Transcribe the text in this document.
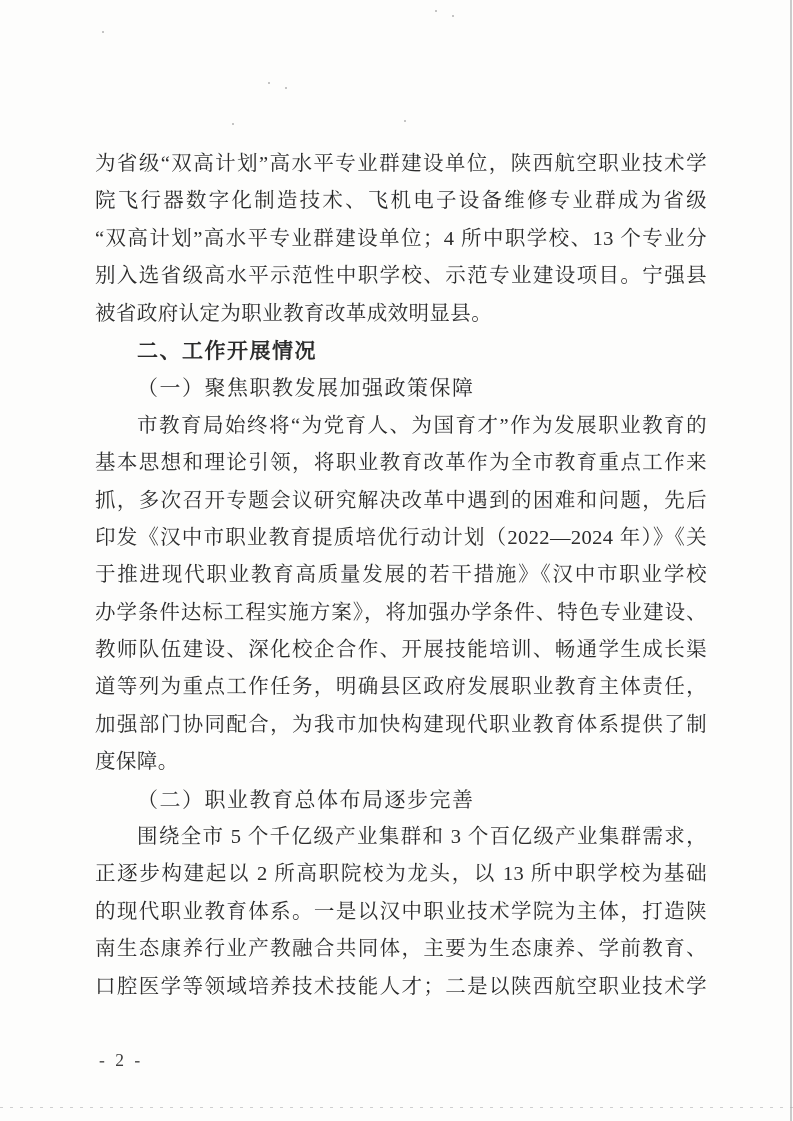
为省级“双高计划”高水平专业群建设单位，陕西航空职业技术学
院飞行器数字化制造技术、飞机电子设备维修专业群成为省级
“双高计划”高水平专业群建设单位；4 所中职学校、13 个专业分
别入选省级高水平示范性中职学校、示范专业建设项目。宁强县
被省政府认定为职业教育改革成效明显县。
二、工作开展情况
（一）聚焦职教发展加强政策保障
市教育局始终将“为党育人、为国育才”作为发展职业教育的
基本思想和理论引领，将职业教育改革作为全市教育重点工作来
抓，多次召开专题会议研究解决改革中遇到的困难和问题，先后
印发《汉中市职业教育提质培优行动计划（2022—2024 年）》《关
于推进现代职业教育高质量发展的若干措施》《汉中市职业学校
办学条件达标工程实施方案》，将加强办学条件、特色专业建设、
教师队伍建设、深化校企合作、开展技能培训、畅通学生成长渠
道等列为重点工作任务，明确县区政府发展职业教育主体责任，
加强部门协同配合，为我市加快构建现代职业教育体系提供了制
度保障。
（二）职业教育总体布局逐步完善
围绕全市 5 个千亿级产业集群和 3 个百亿级产业集群需求，
正逐步构建起以 2 所高职院校为龙头，以 13 所中职学校为基础
的现代职业教育体系。一是以汉中职业技术学院为主体，打造陕
南生态康养行业产教融合共同体，主要为生态康养、学前教育、
口腔医学等领域培养技术技能人才；二是以陕西航空职业技术学
- 2 -
